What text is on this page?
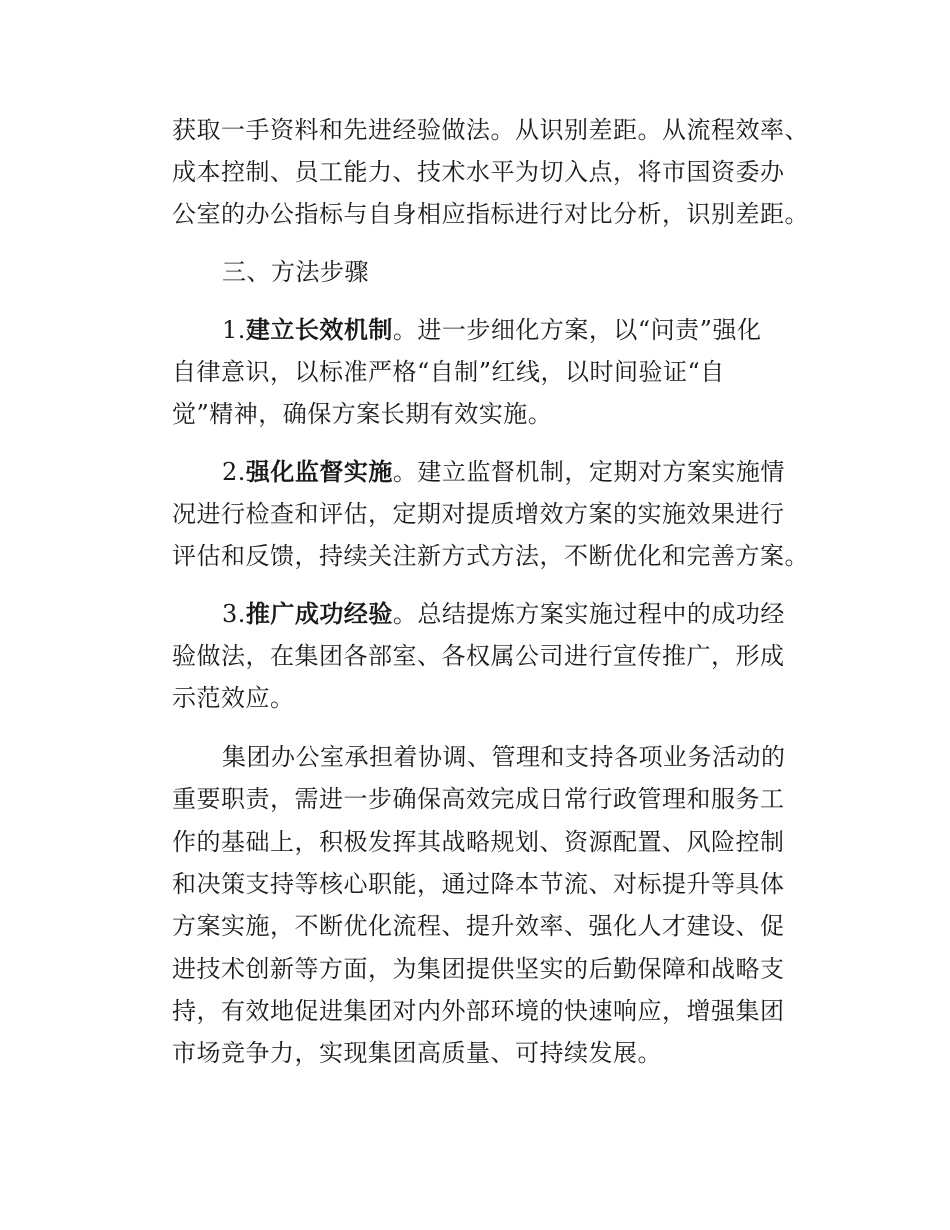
获取一手资料和先进经验做法。从识别差距。从流程效率、
成本控制、员工能力、技术水平为切入点，将市国资委办
公室的办公指标与自身相应指标进行对比分析，识别差距。
三、方法步骤
1.建立长效机制。进一步细化方案，以“问责”强化
自律意识，以标准严格“自制”红线，以时间验证“自
觉”精神，确保方案长期有效实施。
2.强化监督实施。建立监督机制，定期对方案实施情
况进行检查和评估，定期对提质增效方案的实施效果进行
评估和反馈，持续关注新方式方法，不断优化和完善方案。
3.推广成功经验。总结提炼方案实施过程中的成功经
验做法，在集团各部室、各权属公司进行宣传推广，形成
示范效应。
集团办公室承担着协调、管理和支持各项业务活动的
重要职责，需进一步确保高效完成日常行政管理和服务工
作的基础上，积极发挥其战略规划、资源配置、风险控制
和决策支持等核心职能，通过降本节流、对标提升等具体
方案实施，不断优化流程、提升效率、强化人才建设、促
进技术创新等方面，为集团提供坚实的后勤保障和战略支
持，有效地促进集团对内外部环境的快速响应，增强集团
市场竞争力，实现集团高质量、可持续发展。
